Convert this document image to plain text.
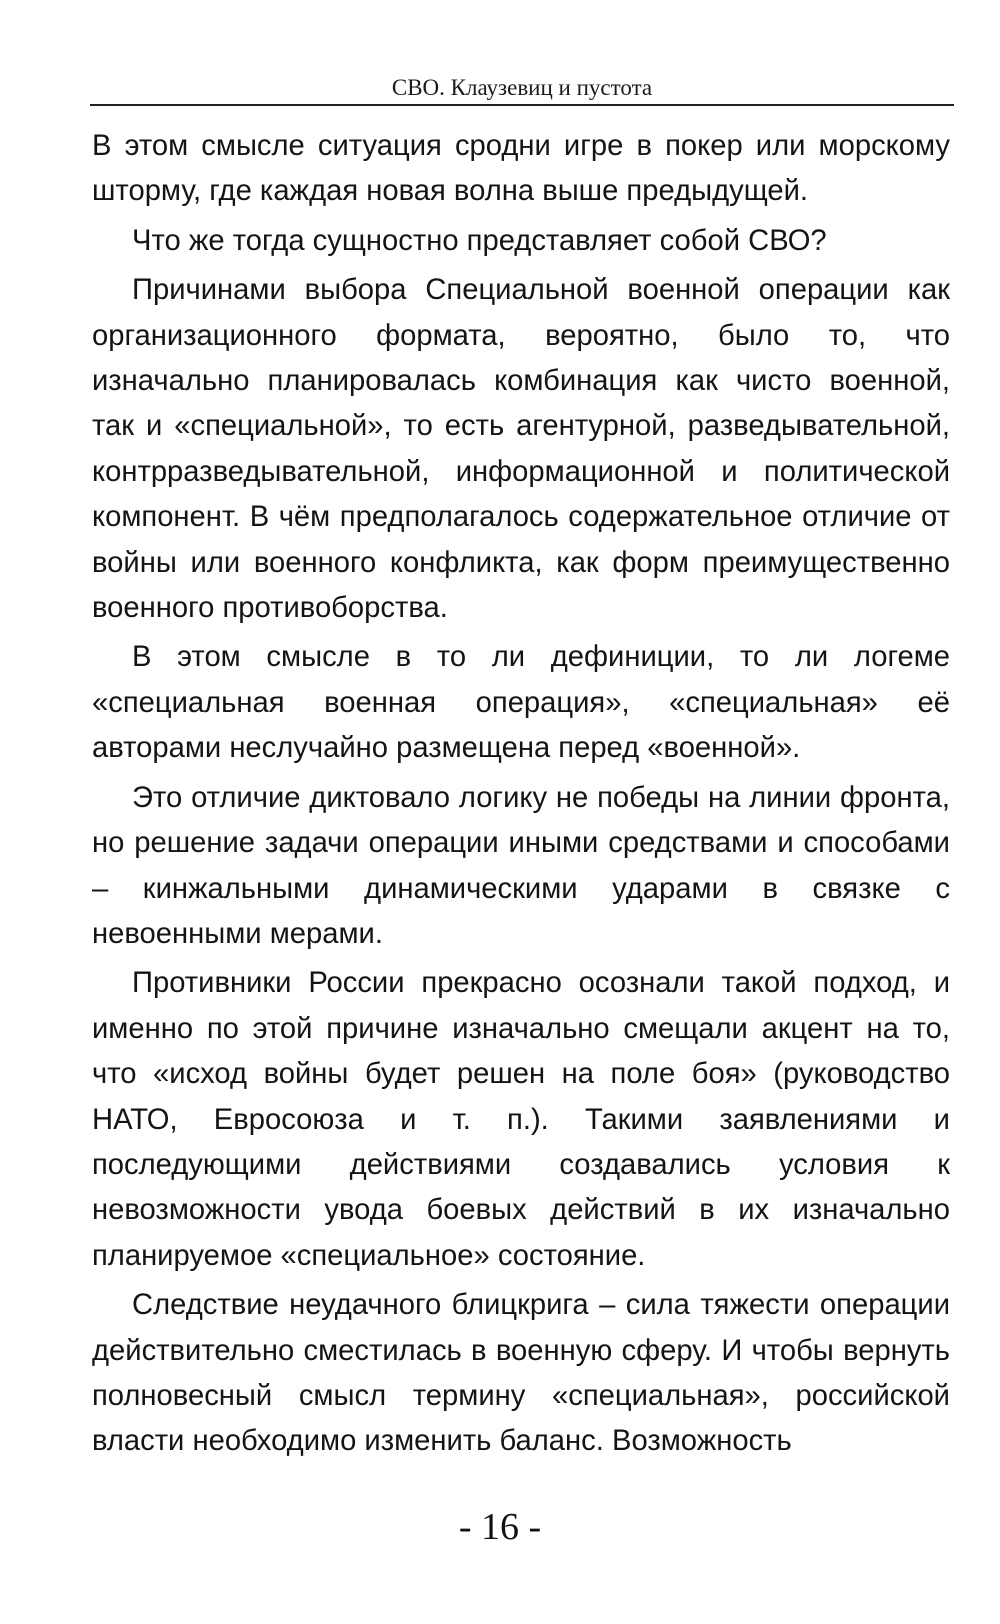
СВО. Клаузевиц и пустота

В этом смысле ситуация сродни игре в покер или морскому шторму, где каждая новая волна выше предыдущей.

Что же тогда сущностно представляет собой СВО?

Причинами выбора Специальной военной операции как организационного формата, вероятно, было то, что изначально планировалась комбинация как чисто военной, так и «специальной», то есть агентурной, разведывательной, контрразведывательной, информационной и политической компонент. В чём предполагалось содержательное отличие от войны или военного конфликта, как форм преимущественно военного противоборства.

В этом смысле в то ли дефиниции, то ли логеме «специальная военная операция», «специальная» её авторами неслучайно размещена перед «военной».

Это отличие диктовало логику не победы на линии фронта, но решение задачи операции иными средствами и способами – кинжальными динамическими ударами в связке с невоенными мерами.

Противники России прекрасно осознали такой подход, и именно по этой причине изначально смещали акцент на то, что «исход войны будет решен на поле боя» (руководство НАТО, Евросоюза и т. п.). Такими заявлениями и последующими действиями создавались условия к невозможности увода боевых действий в их изначально планируемое «специальное» состояние.

Следствие неудачного блицкрига – сила тяжести операции действительно сместилась в военную сферу. И чтобы вернуть полновесный смысл термину «специальная», российской власти необходимо изменить баланс. Возможность

- 16 -
